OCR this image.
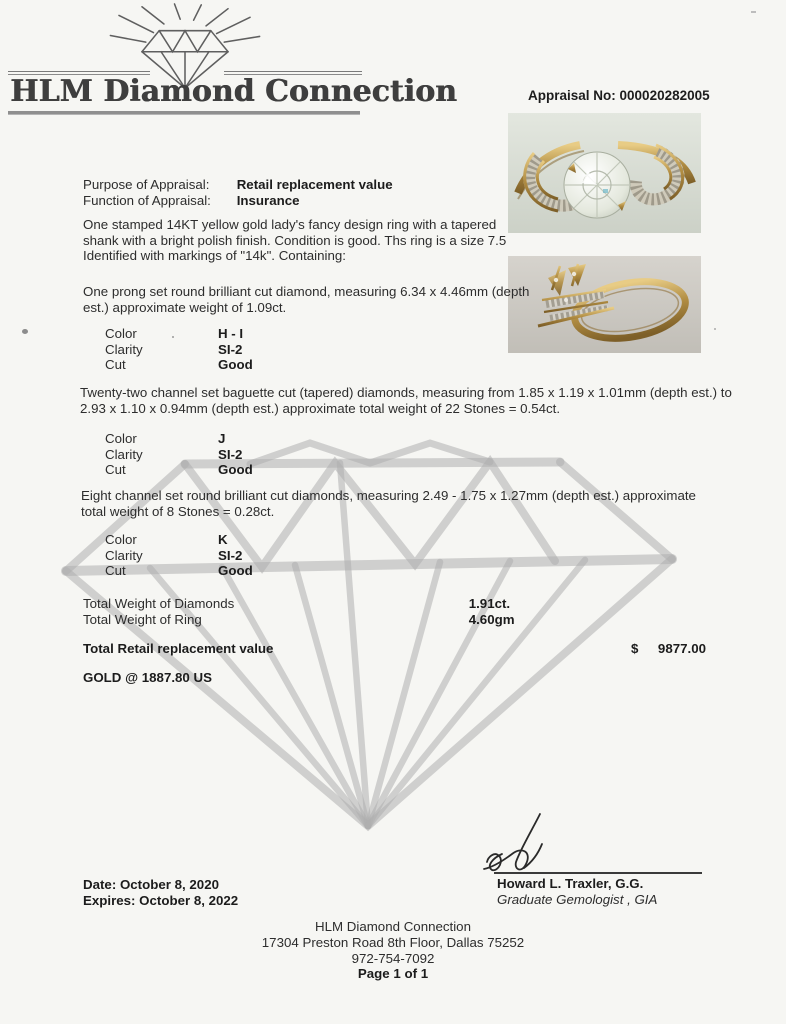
HLM Diamond Connection	Appraisal No: 000020282005
Purpose of Appraisal: Retail replacement value
Function of Appraisal: Insurance
One stamped 14KT yellow gold lady's fancy design ring with a tapered shank with a bright polish finish. Condition is good. Ths ring is a size 7.5 Identified with markings of "14k". Containing:
One prong set round brilliant cut diamond, measuring 6.34 x 4.46mm (depth est.) approximate weight of 1.09ct.
Color	H - I
Clarity	SI-2
Cut	Good
Twenty-two channel set baguette cut (tapered) diamonds, measuring from 1.85 x 1.19 x 1.01mm (depth est.) to 2.93 x 1.10 x 0.94mm (depth est.) approximate total weight of 22 Stones = 0.54ct.
Color	J
Clarity	SI-2
Cut	Good
Eight channel set round brilliant cut diamonds, measuring 2.49 - 1.75 x 1.27mm (depth est.) approximate total weight of 8 Stones = 0.28ct.
Color	K
Clarity	SI-2
Cut	Good
Total Weight of Diamonds	1.91ct.
Total Weight of Ring	4.60gm
Total Retail replacement value	$ 9877.00
GOLD @ 1887.80 US
Date: October 8, 2020
Expires: October 8, 2022
Howard L. Traxler, G.G.
Graduate Gemologist , GIA
HLM Diamond Connection
17304 Preston Road 8th Floor, Dallas 75252
972-754-7092
Page 1 of 1
